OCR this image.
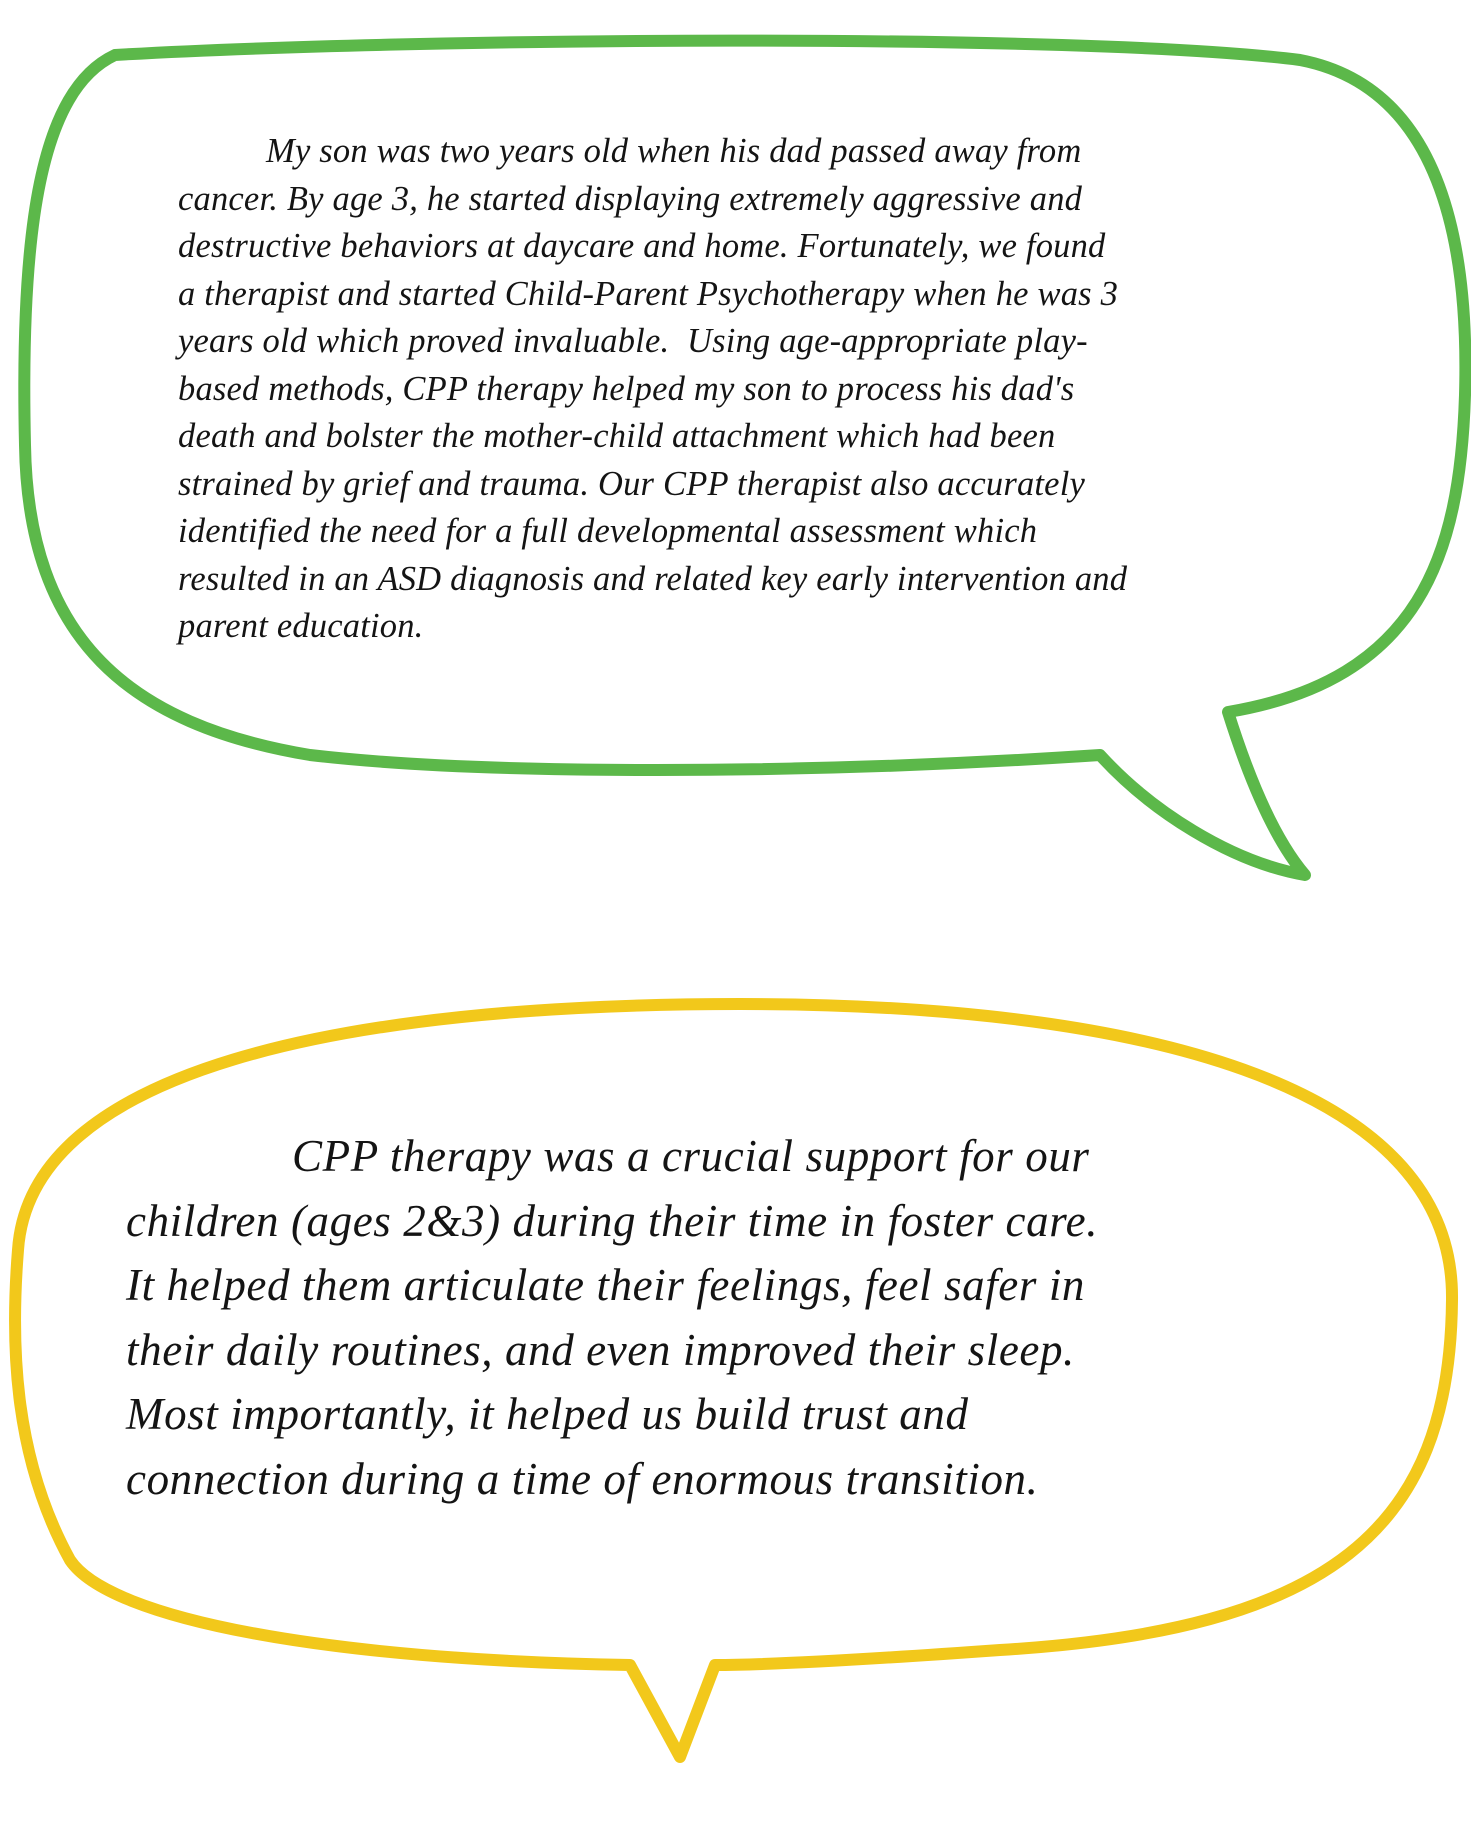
My son was two years old when his dad passed away from
cancer. By age 3, he started displaying extremely aggressive and
destructive behaviors at daycare and home. Fortunately, we found
a therapist and started Child-Parent Psychotherapy when he was 3
years old which proved invaluable.  Using age-appropriate play-
based methods, CPP therapy helped my son to process his dad's
death and bolster the mother-child attachment which had been
strained by grief and trauma. Our CPP therapist also accurately
identified the need for a full developmental assessment which
resulted in an ASD diagnosis and related key early intervention and
parent education.

CPP therapy was a crucial support for our
children (ages 2&3) during their time in foster care.
It helped them articulate their feelings, feel safer in
their daily routines, and even improved their sleep.
Most importantly, it helped us build trust and
connection during a time of enormous transition.
